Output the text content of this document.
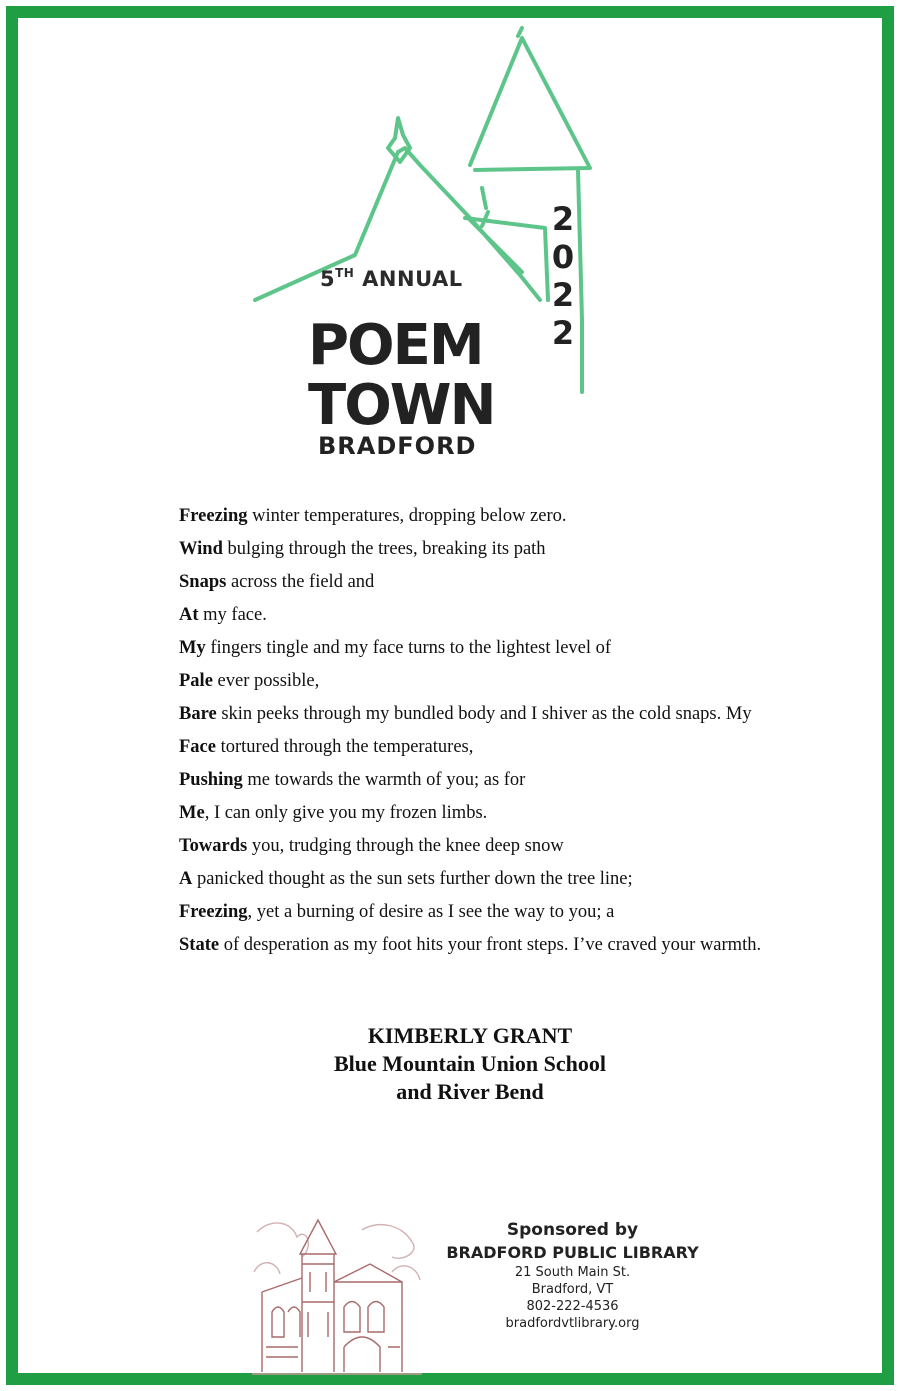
5TH ANNUAL
POEM
TOWN
BRADFORD
2
0
2
2
Freezing winter temperatures, dropping below zero.
Wind bulging through the trees, breaking its path
Snaps across the field and
At my face.
My fingers tingle and my face turns to the lightest level of
Pale ever possible,
Bare skin peeks through my bundled body and I shiver as the cold snaps. My
Face tortured through the temperatures,
Pushing me towards the warmth of you; as for
Me, I can only give you my frozen limbs.
Towards you, trudging through the knee deep snow
A panicked thought as the sun sets further down the tree line;
Freezing, yet a burning of desire as I see the way to you; a
State of desperation as my foot hits your front steps. I’ve craved your warmth.
KIMBERLY GRANT
Blue Mountain Union School
and River Bend
Sponsored by
BRADFORD PUBLIC LIBRARY
21 South Main St.
Bradford, VT
802-222-4536
bradfordvtlibrary.org
